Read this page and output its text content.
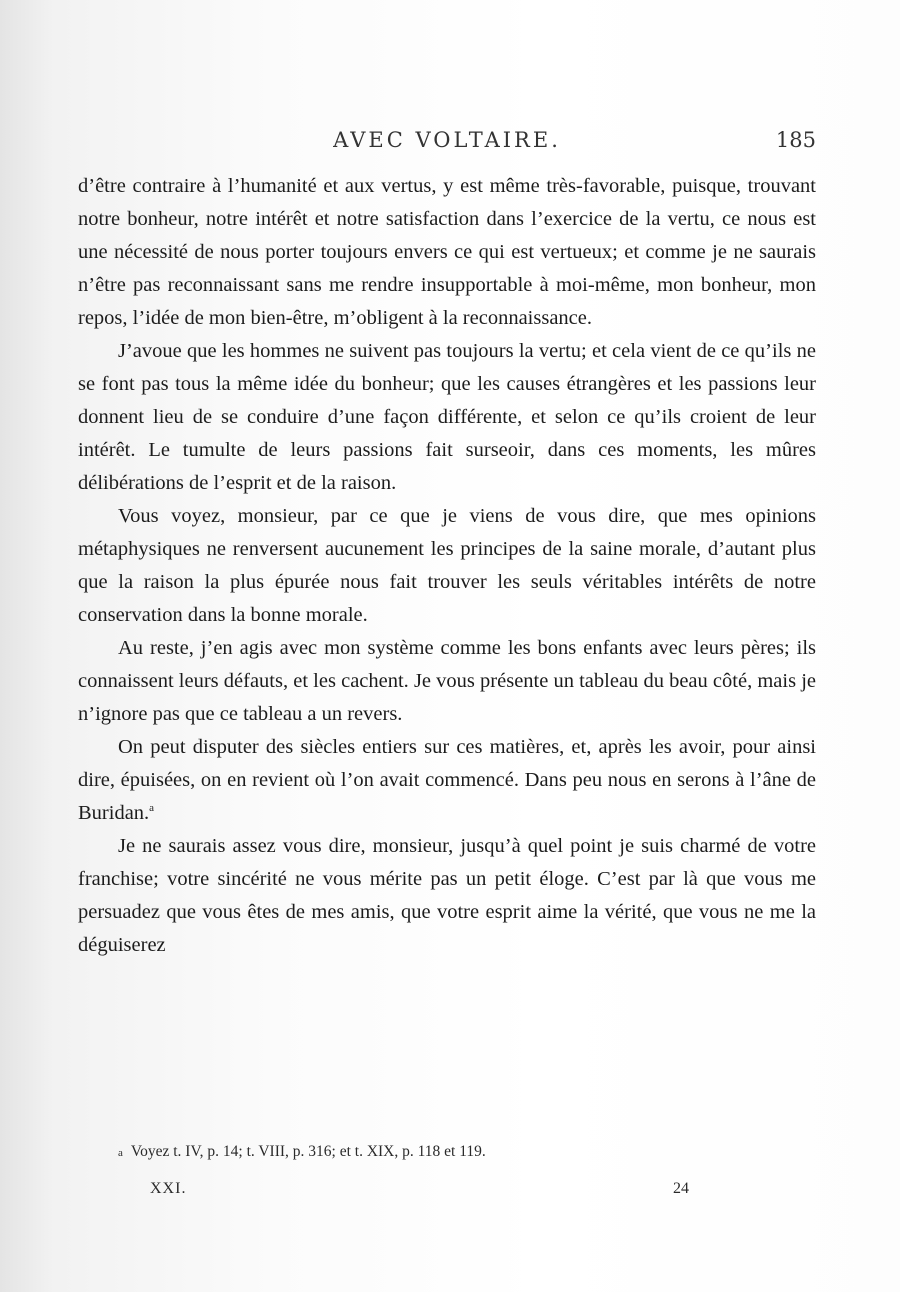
AVEC VOLTAIRE.	185

d’être contraire à l’humanité et aux vertus, y est même très-favorable, puisque, trouvant notre bonheur, notre intérêt et notre satisfaction dans l’exercice de la vertu, ce nous est une nécessité de nous porter toujours envers ce qui est vertueux; et comme je ne saurais n’être pas reconnaissant sans me rendre insupportable à moi-même, mon bonheur, mon repos, l’idée de mon bien-être, m’obligent à la reconnaissance.

J’avoue que les hommes ne suivent pas toujours la vertu; et cela vient de ce qu’ils ne se font pas tous la même idée du bonheur; que les causes étrangères et les passions leur donnent lieu de se conduire d’une façon différente, et selon ce qu’ils croient de leur intérêt. Le tumulte de leurs passions fait surseoir, dans ces moments, les mûres délibérations de l’esprit et de la raison.

Vous voyez, monsieur, par ce que je viens de vous dire, que mes opinions métaphysiques ne renversent aucunement les principes de la saine morale, d’autant plus que la raison la plus épurée nous fait trouver les seuls véritables intérêts de notre conservation dans la bonne morale.

Au reste, j’en agis avec mon système comme les bons enfants avec leurs pères; ils connaissent leurs défauts, et les cachent. Je vous présente un tableau du beau côté, mais je n’ignore pas que ce tableau a un revers.

On peut disputer des siècles entiers sur ces matières, et, après les avoir, pour ainsi dire, épuisées, on en revient où l’on avait commencé. Dans peu nous en serons à l’âne de Buridan.$^a$

Je ne saurais assez vous dire, monsieur, jusqu’à quel point je suis charmé de votre franchise; votre sincérité ne vous mérite pas un petit éloge. C’est par là que vous me persuadez que vous êtes de mes amis, que votre esprit aime la vérité, que vous ne me la déguiserez

a Voyez t. IV, p. 14; t. VIII, p. 316; et t. XIX, p. 118 et 119.
XXI.	24
